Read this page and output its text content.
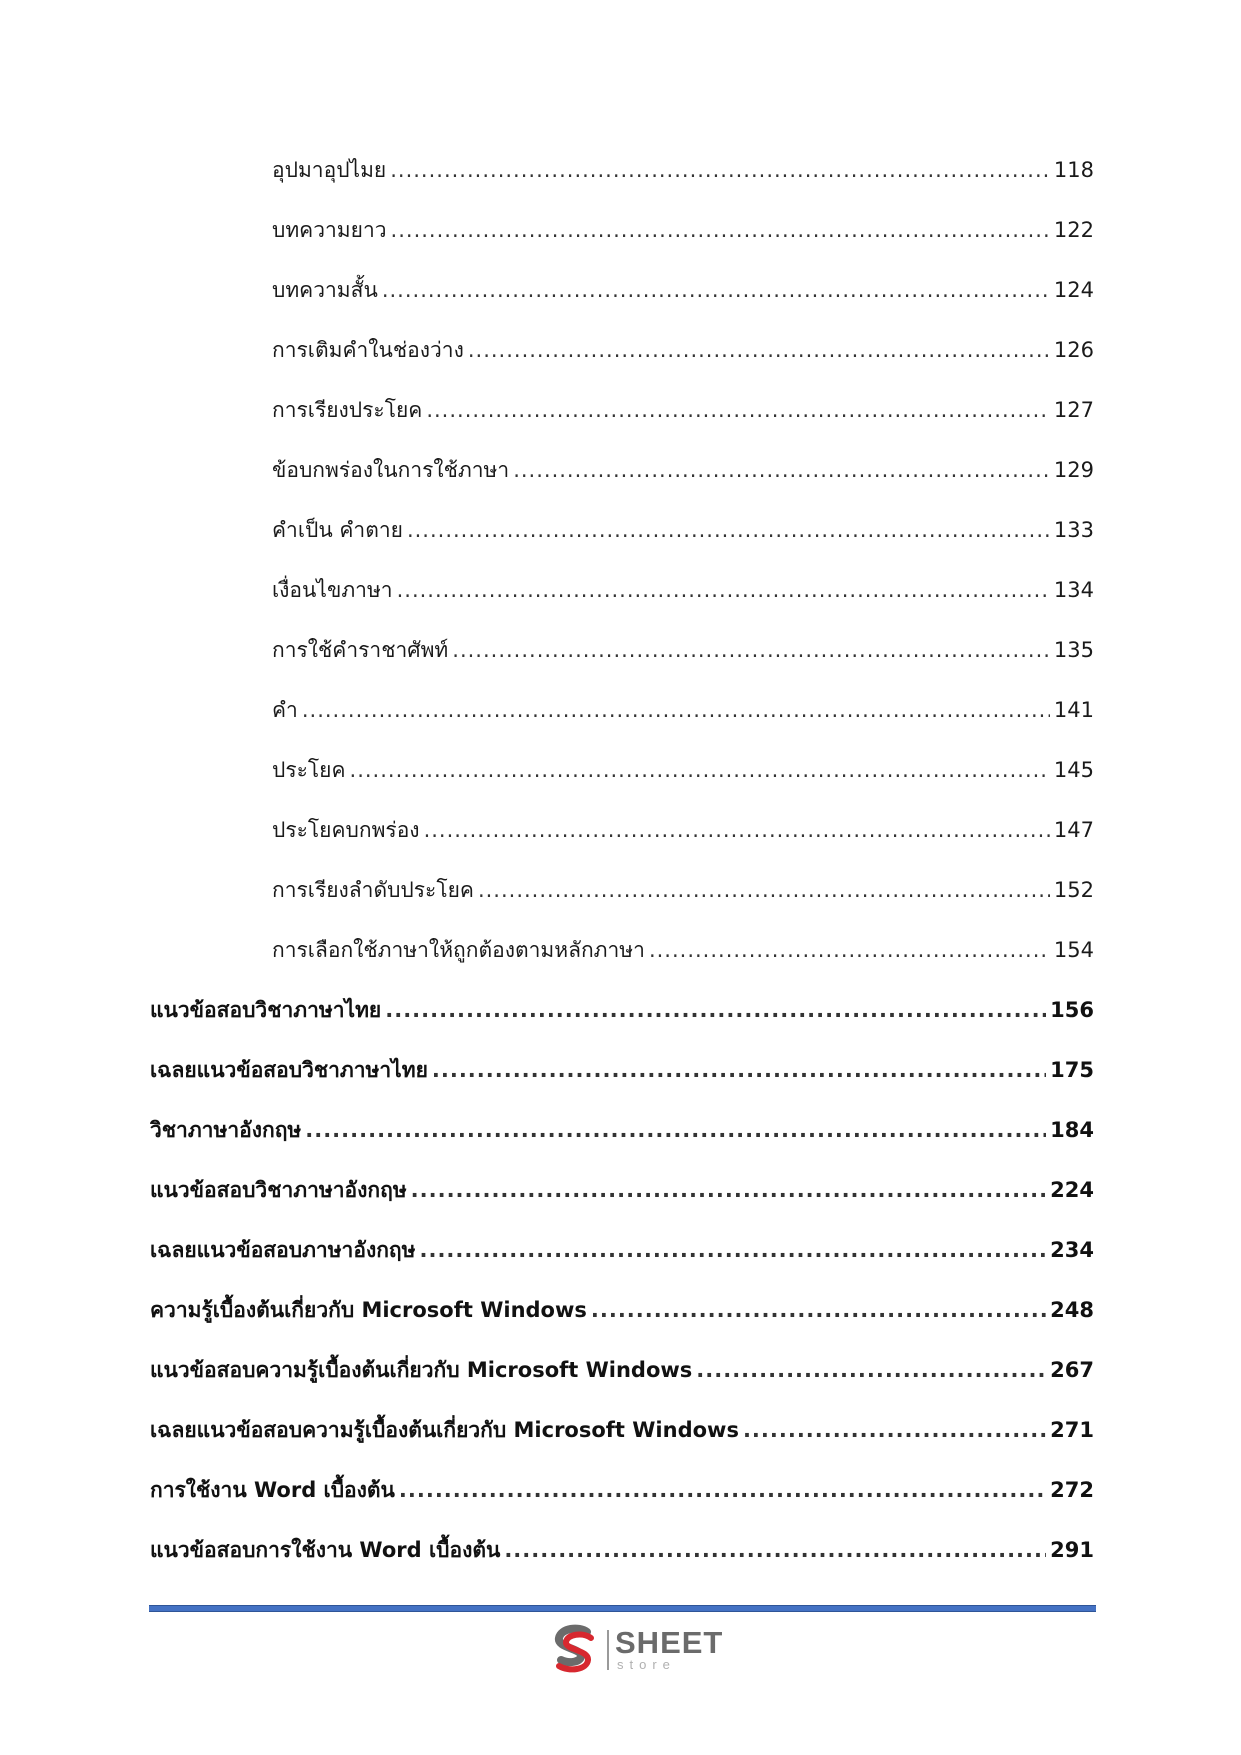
อุปมาอุปไมย .....	118
บทความยาว .....	122
บทความสั้น .....	124
การเติมคำในช่องว่าง .....	126
การเรียงประโยค .....	127
ข้อบกพร่องในการใช้ภาษา .....	129
คำเป็น คำตาย .....	133
เงื่อนไขภาษา .....	134
การใช้คำราชาศัพท์ .....	135
คำ .....	141
ประโยค .....	145
ประโยคบกพร่อง .....	147
การเรียงลำดับประโยค .....	152
การเลือกใช้ภาษาให้ถูกต้องตามหลักภาษา .....	154
แนวข้อสอบวิชาภาษาไทย .....	156
เฉลยแนวข้อสอบวิชาภาษาไทย .....	175
วิชาภาษาอังกฤษ .....	184
แนวข้อสอบวิชาภาษาอังกฤษ .....	224
เฉลยแนวข้อสอบภาษาอังกฤษ .....	234
ความรู้เบื้องต้นเกี่ยวกับ Microsoft Windows .....	248
แนวข้อสอบความรู้เบื้องต้นเกี่ยวกับ Microsoft Windows .....	267
เฉลยแนวข้อสอบความรู้เบื้องต้นเกี่ยวกับ Microsoft Windows .....	271
การใช้งาน Word เบื้องต้น .....	272
แนวข้อสอบการใช้งาน Word เบื้องต้น .....	291
SHEET
store
